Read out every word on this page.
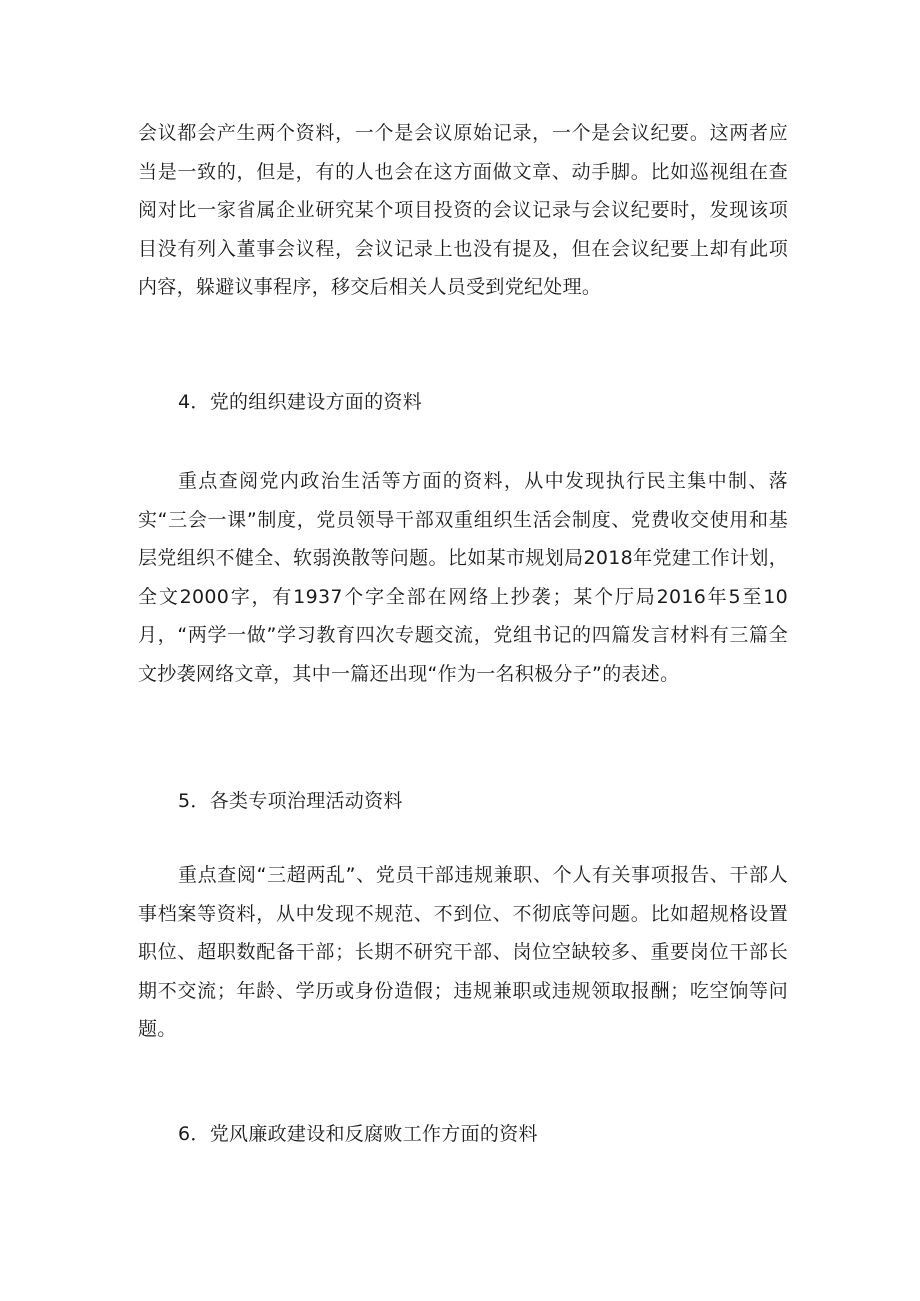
会议都会产生两个资料，一个是会议原始记录，一个是会议纪要。这两者应当是一致的，但是，有的人也会在这方面做文章、动手脚。比如巡视组在查阅对比一家省属企业研究某个项目投资的会议记录与会议纪要时，发现该项目没有列入董事会议程，会议记录上也没有提及，但在会议纪要上却有此项内容，躲避议事程序，移交后相关人员受到党纪处理。

4．党的组织建设方面的资料

重点查阅党内政治生活等方面的资料，从中发现执行民主集中制、落实“三会一课”制度，党员领导干部双重组织生活会制度、党费收交使用和基层党组织不健全、软弱涣散等问题。比如某市规划局2018年党建工作计划，全文2000字，有1937个字全部在网络上抄袭；某个厅局2016年5至10月，“两学一做”学习教育四次专题交流，党组书记的四篇发言材料有三篇全文抄袭网络文章，其中一篇还出现“作为一名积极分子”的表述。

5．各类专项治理活动资料

重点查阅“三超两乱”、党员干部违规兼职、个人有关事项报告、干部人事档案等资料，从中发现不规范、不到位、不彻底等问题。比如超规格设置职位、超职数配备干部；长期不研究干部、岗位空缺较多、重要岗位干部长期不交流；年龄、学历或身份造假；违规兼职或违规领取报酬；吃空饷等问题。

6．党风廉政建设和反腐败工作方面的资料
